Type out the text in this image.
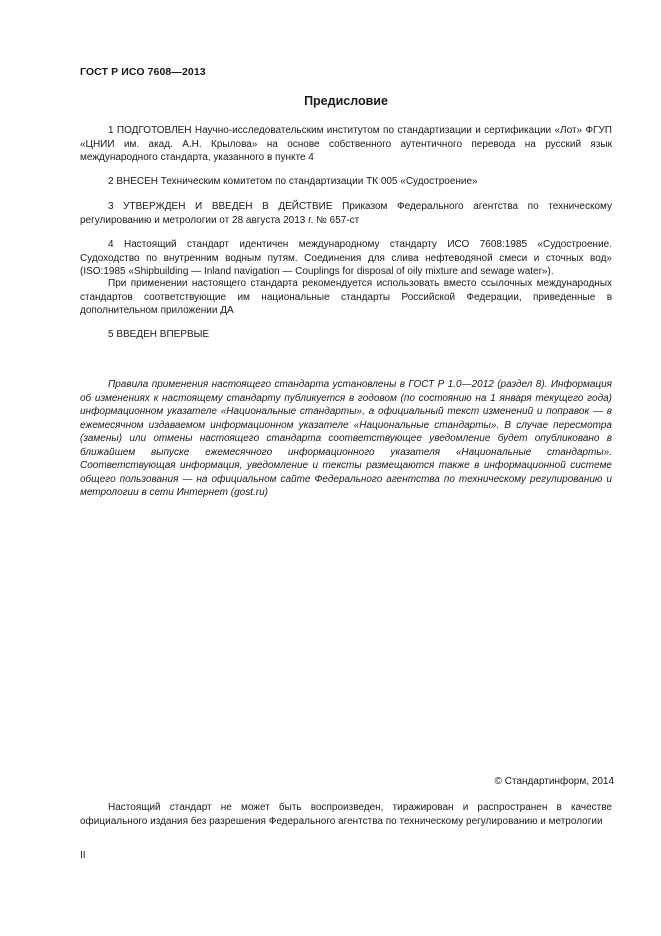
ГОСТ Р ИСО 7608—2013
Предисловие

1 ПОДГОТОВЛЕН Научно-исследовательским институтом по стандартизации и сертификации «Лот» ФГУП «ЦНИИ им. акад. А.Н. Крылова» на основе собственного аутентичного перевода на русский язык международного стандарта, указанного в пункте 4

2 ВНЕСЕН Техническим комитетом по стандартизации ТК 005 «Судостроение»

3 УТВЕРЖДЕН И ВВЕДЕН В ДЕЙСТВИЕ Приказом Федерального агентства по техническому регулированию и метрологии от 28 августа 2013 г. № 657-ст

4 Настоящий стандарт идентичен международному стандарту ИСО 7608:1985 «Судостроение. Судоходство по внутренним водным путям. Соединения для слива нефтеводяной смеси и сточных вод» (ISO:1985 «Shipbuilding — Inland navigation — Couplings for disposal of oily mixture and sewage water»).

При применении настоящего стандарта рекомендуется использовать вместо ссылочных международных стандартов соответствующие им национальные стандарты Российской Федерации, приведенные в дополнительном приложении ДА

5 ВВЕДЕН ВПЕРВЫЕ

Правила применения настоящего стандарта установлены в ГОСТ Р 1.0—2012 (раздел 8). Информация об изменениях к настоящему стандарту публикуется в годовом (по состоянию на 1 января текущего года) информационном указателе «Национальные стандарты», а официальный текст изменений и поправок — в ежемесячном издаваемом информационном указателе «Национальные стандарты». В случае пересмотра (замены) или отмены настоящего стандарта соответствующее уведомление будет опубликовано в ближайшем выпуске ежемесячного информационного указателя «Национальные стандарты». Соответствующая информация, уведомление и тексты размещаются также в информационной системе общего пользования — на официальном сайте Федерального агентства по техническому регулированию и метрологии в сети Интернет (gost.ru)

© Стандартинформ, 2014

Настоящий стандарт не может быть воспроизведен, тиражирован и распространен в качестве официального издания без разрешения Федерального агентства по техническому регулированию и метрологии

II
